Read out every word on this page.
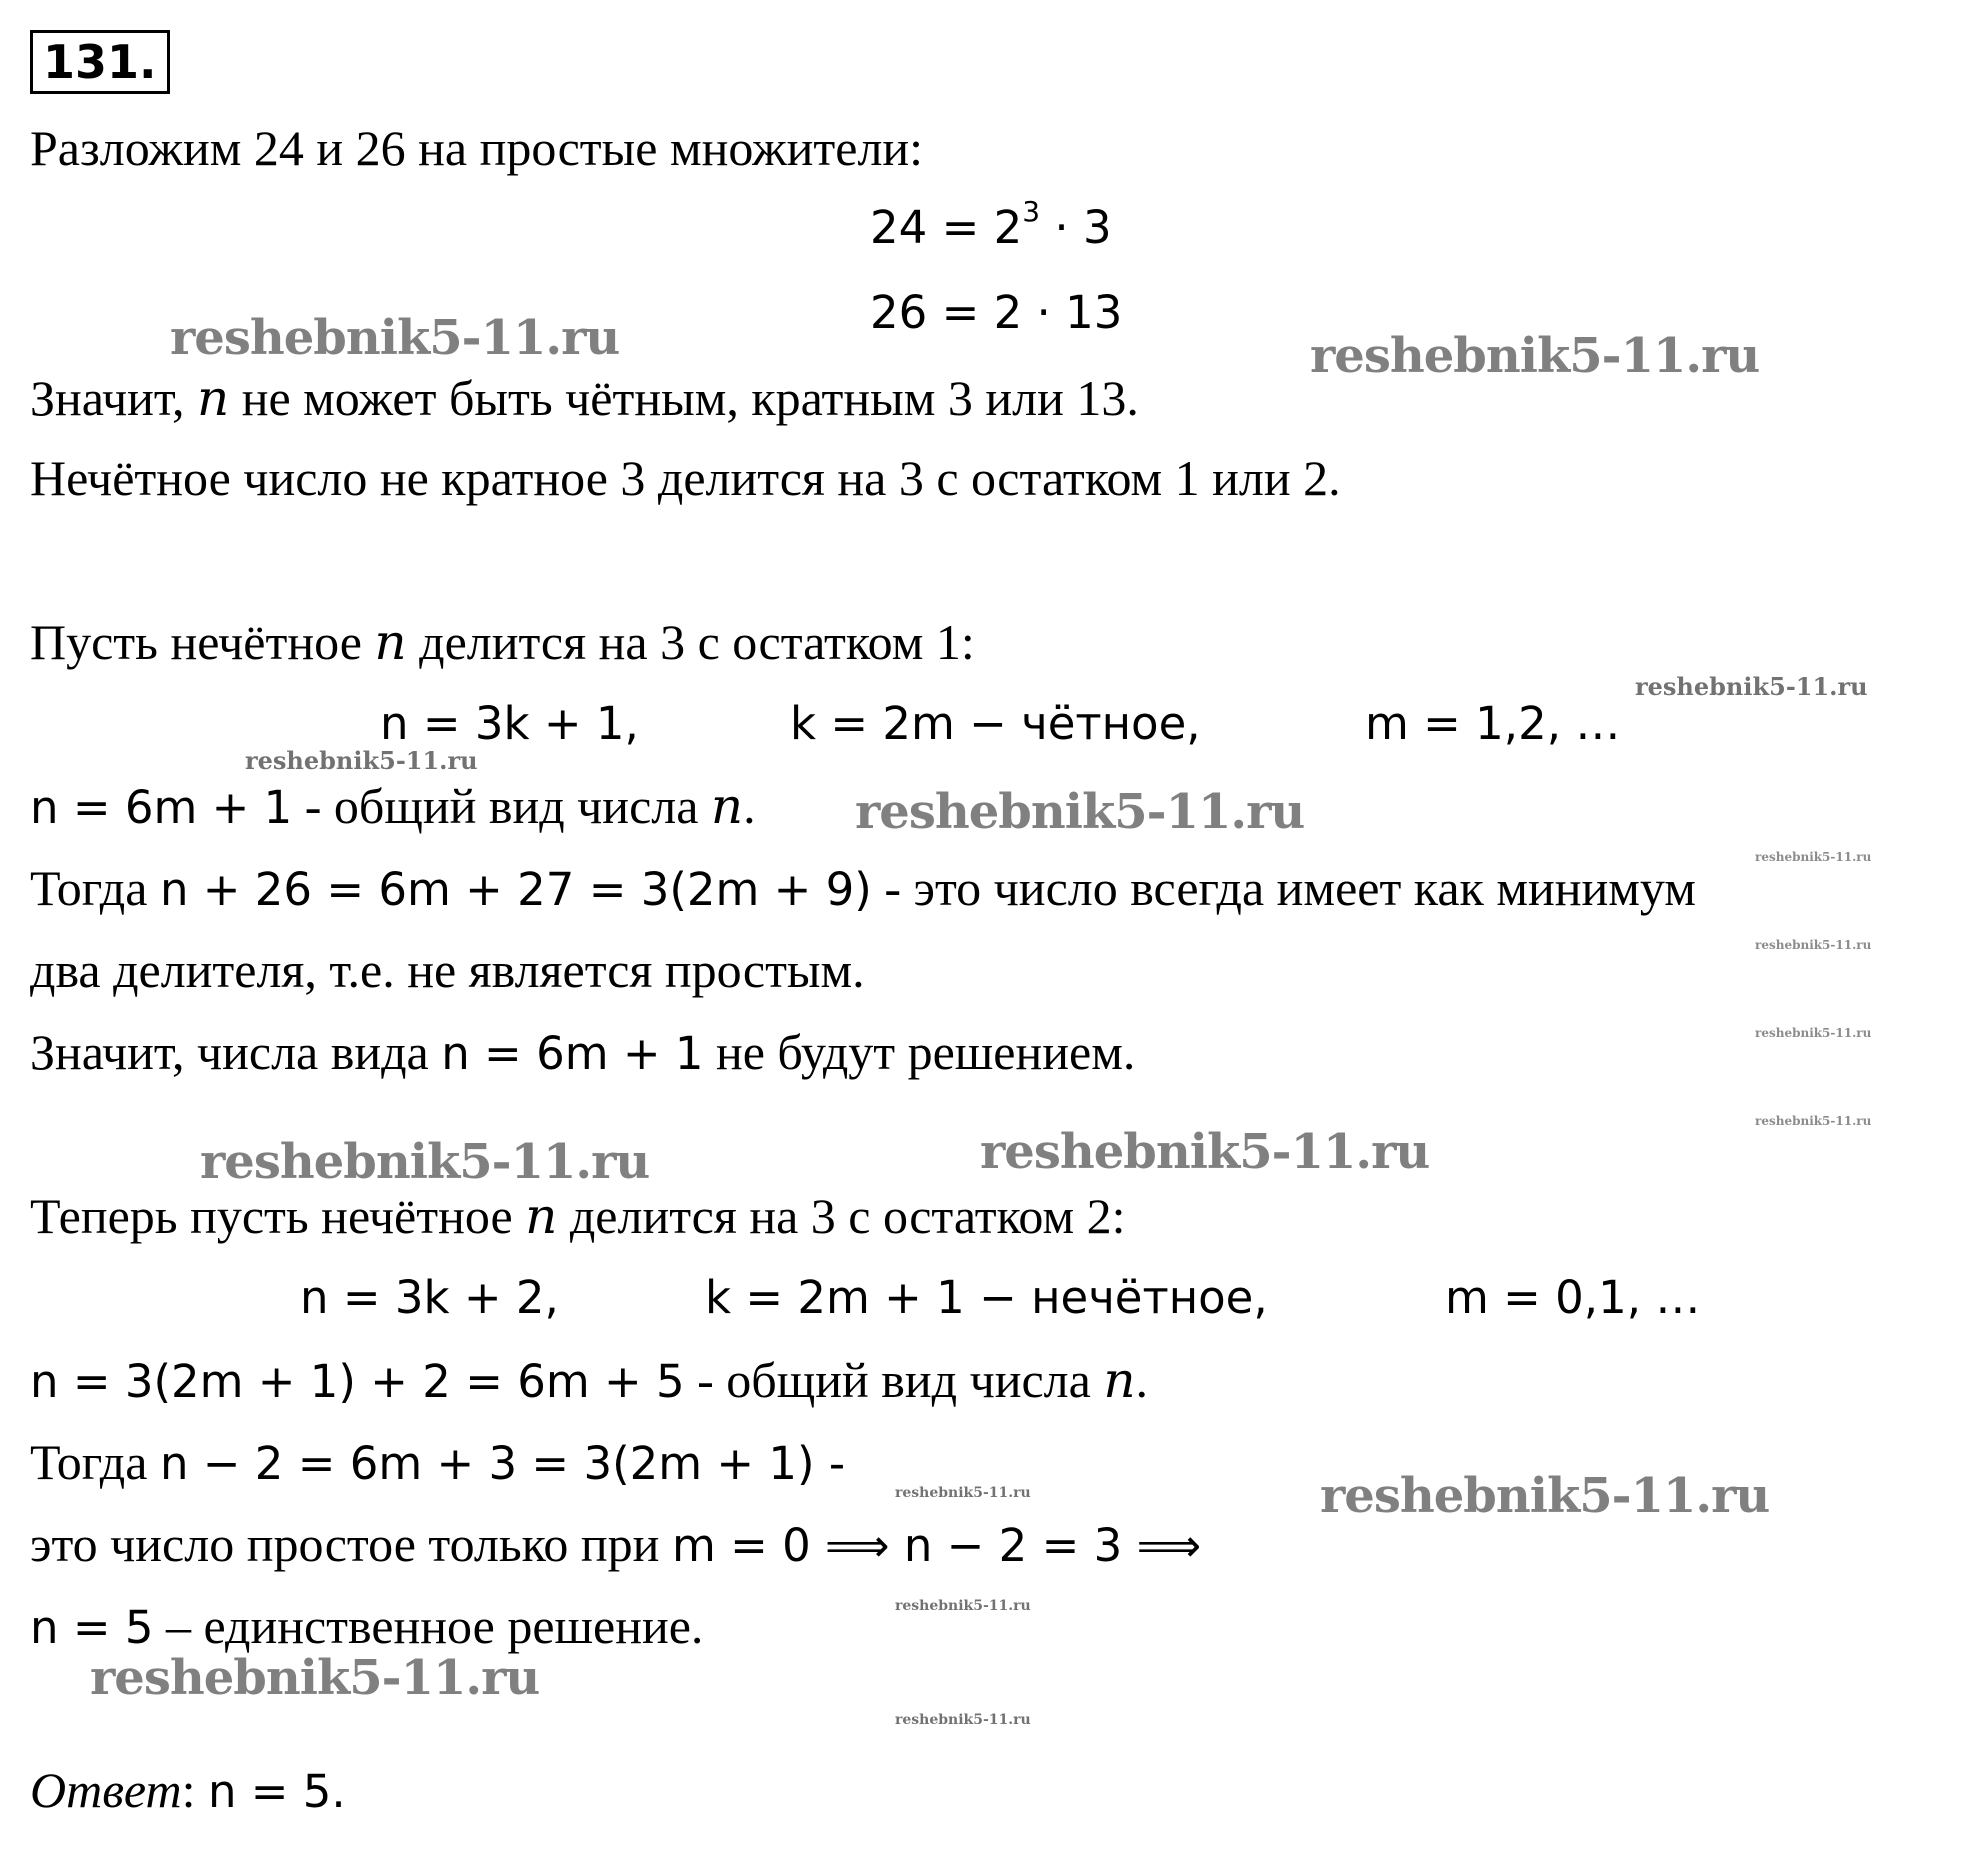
131.
Разложим 24 и 26 на простые множители:
$24 = 2^3 \cdot 3$
26 = 2 · 13
Значит, n не может быть чётным, кратным 3 или 13.
Нечётное число не кратное 3 делится на 3 с остатком 1 или 2.
Пусть нечётное n делится на 3 с остатком 1:
n = 3k + 1,	k = 2m − чётное,	m = 1,2, …
n = 6m + 1 - общий вид числа n.
Тогда n + 26 = 6m + 27 = 3(2m + 9) - это число всегда имеет как минимум
два делителя, т.е. не является простым.
Значит, числа вида n = 6m + 1 не будут решением.
Теперь пусть нечётное n делится на 3 с остатком 2:
n = 3k + 2,	k = 2m + 1 − нечётное,	m = 0,1, …
n = 3(2m + 1) + 2 = 6m + 5 - общий вид числа n.
Тогда n − 2 = 6m + 3 = 3(2m + 1) -
это число простое только при m = 0 ⟹ n − 2 = 3 ⟹
n = 5 – единственное решение.
Ответ: n = 5.
reshebnik5-11.ru	reshebnik5-11.ru
reshebnik5-11.ru
reshebnik5-11.ru
reshebnik5-11.ru
reshebnik5-11.ru
reshebnik5-11.ru
reshebnik5-11.ru
reshebnik5-11.ru
reshebnik5-11.ru	reshebnik5-11.ru
reshebnik5-11.ru	reshebnik5-11.ru
reshebnik5-11.ru
reshebnik5-11.ru
reshebnik5-11.ru
